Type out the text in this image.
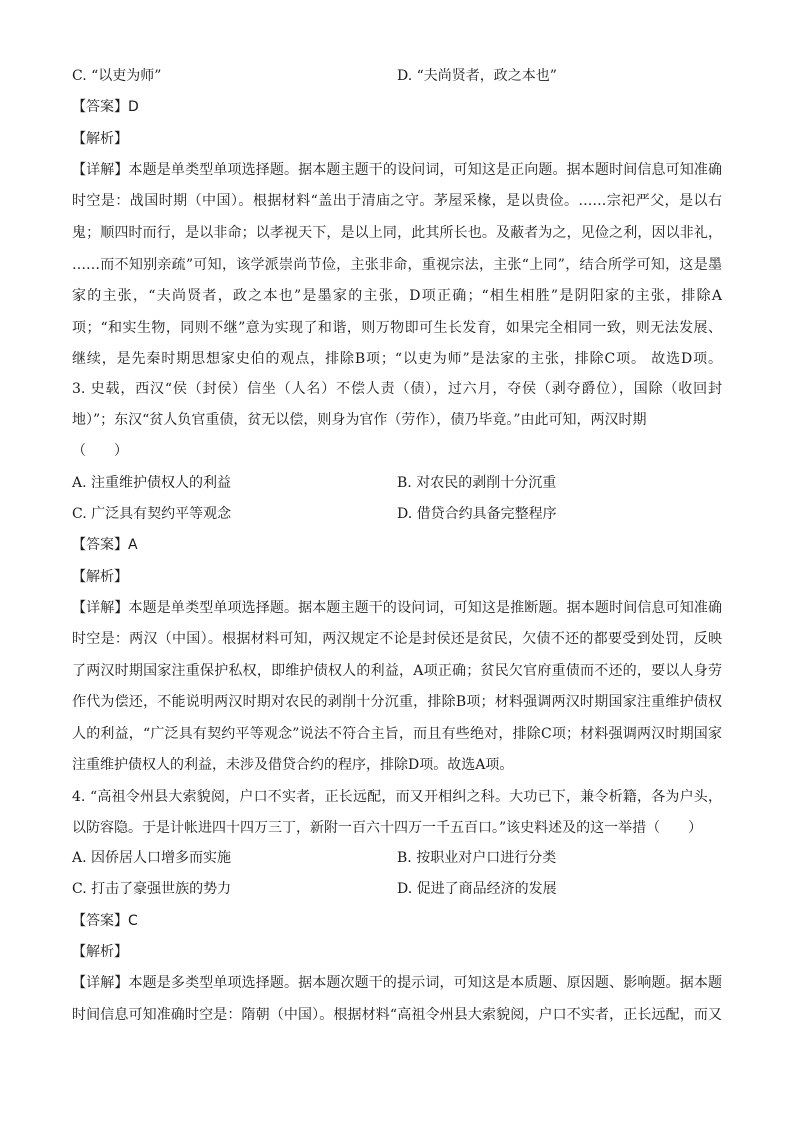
C. “以吏为师”	D. “夫尚贤者，政之本也”
【答案】D
【解析】
【详解】本题是单类型单项选择题。据本题主题干的设问词，可知这是正向题。据本题时间信息可知准确
时空是：战国时期（中国）。根据材料“盖出于清庙之守。茅屋采椽，是以贵俭。……宗祀严父，是以右
鬼；顺四时而行，是以非命；以孝视天下，是以上同，此其所长也。及蔽者为之，见俭之利，因以非礼，
……而不知别亲疏”可知，该学派崇尚节俭，主张非命，重视宗法，主张“上同”，结合所学可知，这是墨
家的主张，“夫尚贤者，政之本也”是墨家的主张，D项正确；“相生相胜”是阴阳家的主张，排除A
项；“和实生物，同则不继”意为实现了和谐，则万物即可生长发育，如果完全相同一致，则无法发展、
继续，是先秦时期思想家史伯的观点，排除B项；“以吏为师”是法家的主张，排除C项。 故选D项。
3. 史载，西汉“侯（封侯）信坐（人名）不偿人责（债），过六月，夺侯（剥夺爵位），国除（收回封
地）”；东汉“贫人负官重债，贫无以偿，则身为官作（劳作），债乃毕竟。”由此可知，两汉时期
（　　）
A. 注重维护债权人的利益	B. 对农民的剥削十分沉重
C. 广泛具有契约平等观念	D. 借贷合约具备完整程序
【答案】A
【解析】
【详解】本题是单类型单项选择题。据本题主题干的设问词，可知这是推断题。据本题时间信息可知准确
时空是：两汉（中国）。根据材料可知，两汉规定不论是封侯还是贫民，欠债不还的都要受到处罚，反映
了两汉时期国家注重保护私权，即维护债权人的利益，A项正确；贫民欠官府重债而不还的，要以人身劳
作代为偿还，不能说明两汉时期对农民的剥削十分沉重，排除B项；材料强调两汉时期国家注重维护债权
人的利益，“广泛具有契约平等观念”说法不符合主旨，而且有些绝对，排除C项；材料强调两汉时期国家
注重维护债权人的利益，未涉及借贷合约的程序，排除D项。故选A项。
4. “高祖令州县大索貌阅，户口不实者，正长远配，而又开相纠之科。大功已下，兼令析籍，各为户头，
以防容隐。于是计帐进四十四万三丁，新附一百六十四万一千五百口。”该史料述及的这一举措（　　）
A. 因侨居人口增多而实施	B. 按职业对户口进行分类
C. 打击了豪强世族的势力	D. 促进了商品经济的发展
【答案】C
【解析】
【详解】本题是多类型单项选择题。据本题次题干的提示词，可知这是本质题、原因题、影响题。据本题
时间信息可知准确时空是：隋朝（中国）。根据材料“高祖令州县大索貌阅，户口不实者，正长远配，而又
